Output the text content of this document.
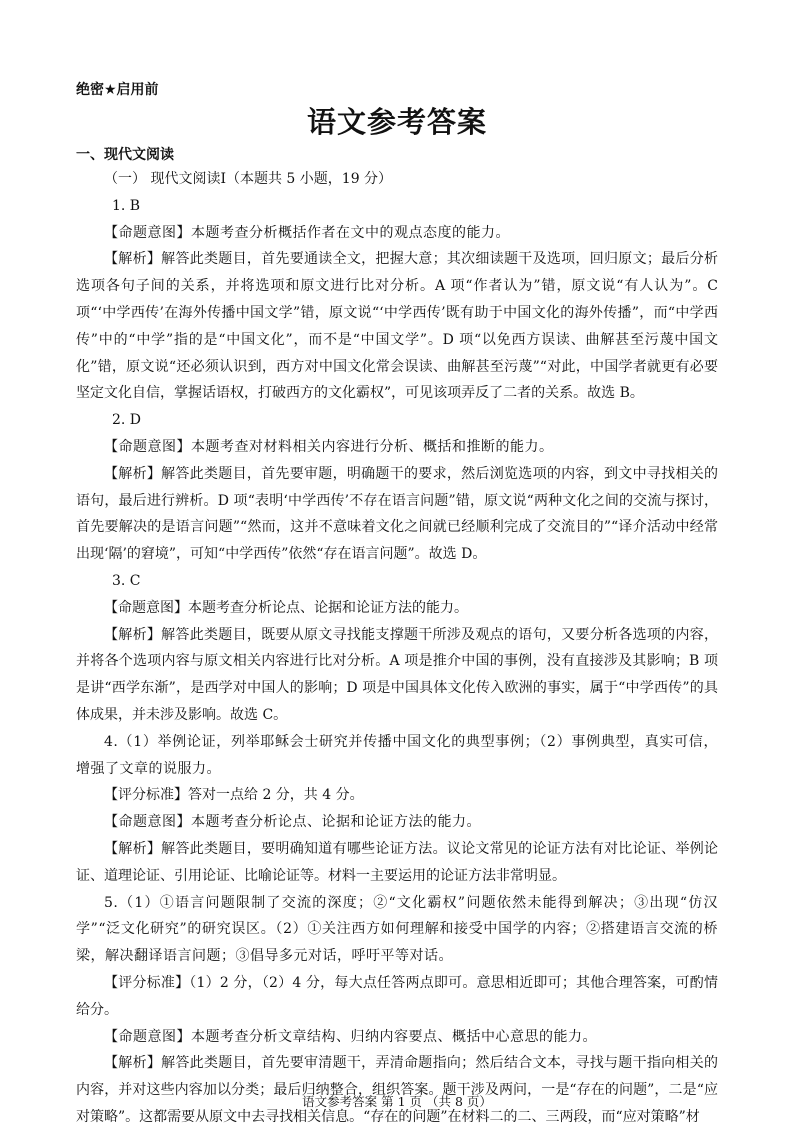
绝密★启用前
语文参考答案
一、现代文阅读

（一） 现代文阅读Ⅰ（本题共 5 小题，19 分）

1. B

【命题意图】本题考查分析概括作者在文中的观点态度的能力。

【解析】解答此类题目，首先要通读全文，把握大意；其次细读题干及选项，回归原文；最后分析选项各句子间的关系，并将选项和原文进行比对分析。A 项“作者认为”错，原文说“有人认为”。C 项“‘中学西传’在海外传播中国文学”错，原文说“‘中学西传’既有助于中国文化的海外传播”，而“中学西传”中的“中学”指的是“中国文化”，而不是“中国文学”。D 项“以免西方误读、曲解甚至污蔑中国文化”错，原文说“还必须认识到，西方对中国文化常会误读、曲解甚至污蔑”“对此，中国学者就更有必要坚定文化自信，掌握话语权，打破西方的文化霸权”，可见该项弄反了二者的关系。故选 B。

2. D

【命题意图】本题考查对材料相关内容进行分析、概括和推断的能力。

【解析】解答此类题目，首先要审题，明确题干的要求，然后浏览选项的内容，到文中寻找相关的语句，最后进行辨析。D 项“表明‘中学西传’不存在语言问题”错，原文说“两种文化之间的交流与探讨，首先要解决的是语言问题”“然而，这并不意味着文化之间就已经顺利完成了交流目的”“译介活动中经常出现‘隔’的窘境”，可知“中学西传”依然“存在语言问题”。故选 D。

3. C

【命题意图】本题考查分析论点、论据和论证方法的能力。

【解析】解答此类题目，既要从原文寻找能支撑题干所涉及观点的语句，又要分析各选项的内容，并将各个选项内容与原文相关内容进行比对分析。A 项是推介中国的事例，没有直接涉及其影响；B 项是讲“西学东渐”，是西学对中国人的影响；D 项是中国具体文化传入欧洲的事实，属于“中学西传”的具体成果，并未涉及影响。故选 C。

4.（1）举例论证，列举耶稣会士研究并传播中国文化的典型事例；（2）事例典型，真实可信，增强了文章的说服力。

【评分标准】答对一点给 2 分，共 4 分。

【命题意图】本题考查分析论点、论据和论证方法的能力。

【解析】解答此类题目，要明确知道有哪些论证方法。议论文常见的论证方法有对比论证、举例论证、道理论证、引用论证、比喻论证等。材料一主要运用的论证方法非常明显。

5.（1）①语言问题限制了交流的深度；②“文化霸权”问题依然未能得到解决；③出现“仿汉学”“泛文化研究”的研究误区。（2）①关注西方如何理解和接受中国学的内容；②搭建语言交流的桥梁，解决翻译语言问题；③倡导多元对话，呼吁平等对话。

【评分标准】（1）2 分，（2）4 分，每大点任答两点即可。意思相近即可；其他合理答案，可酌情给分。

【命题意图】本题考查分析文章结构、归纳内容要点、概括中心意思的能力。

【解析】解答此类题目，首先要审清题干，弄清命题指向；然后结合文本，寻找与题干指向相关的内容，并对这些内容加以分类；最后归纳整合，组织答案。题干涉及两问，一是“存在的问题”，二是“应对策略”。这都需要从原文中去寻找相关信息。“存在的问题”在材料二的二、三两段，而“应对策略”材

语文参考答案 第 1 页 （共 8 页）
